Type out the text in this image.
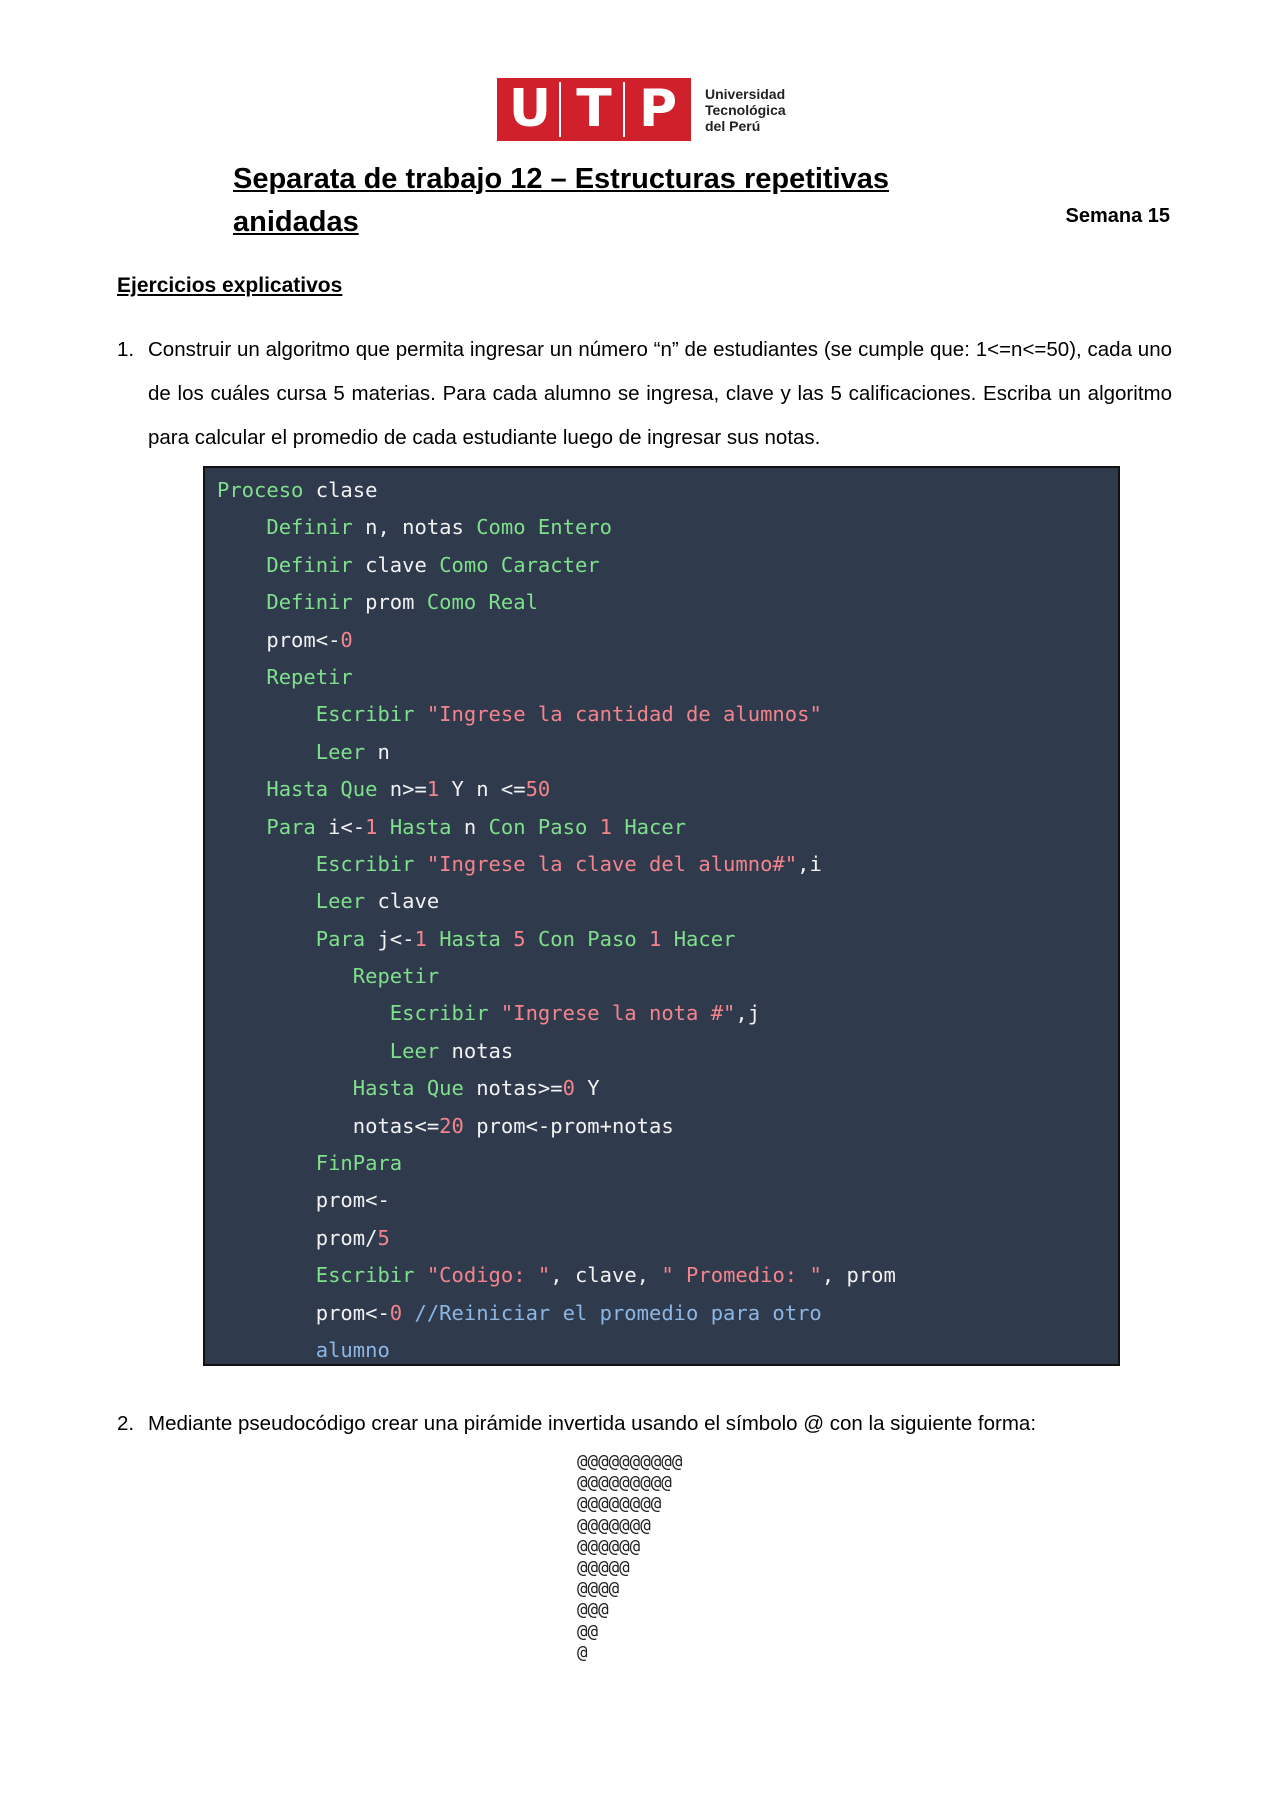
U T P	Universidad
Tecnológica
del Perú
Separata de trabajo 12 – Estructuras repetitivas
anidadas	Semana 15
Ejercicios explicativos
1. Construir un algoritmo que permita ingresar un número “n” de estudiantes (se cumple que: 1<=n<=50), cada uno de los cuáles cursa 5 materias. Para cada alumno se ingresa, clave y las 5 calificaciones. Escriba un algoritmo para calcular el promedio de cada estudiante luego de ingresar sus notas.
Proceso clase
Definir n, notas Como Entero
Definir clave Como Caracter
Definir prom Como Real
prom<-0
Repetir
Escribir "Ingrese la cantidad de alumnos"
Leer n
Hasta Que n>=1 Y n <=50
Para i<-1 Hasta n Con Paso 1 Hacer
Escribir "Ingrese la clave del alumno#",i
Leer clave
Para j<-1 Hasta 5 Con Paso 1 Hacer
Repetir
Escribir "Ingrese la nota #",j
Leer notas
Hasta Que notas>=0 Y
notas<=20 prom<-prom+notas
FinPara
prom<-
prom/5
Escribir "Codigo: ", clave, " Promedio: ", prom
prom<-0 //Reiniciar el promedio para otro
alumno
2. Mediante pseudocódigo crear una pirámide invertida usando el símbolo @ con la siguiente forma:
@@@@@@@@@@
@@@@@@@@@
@@@@@@@@
@@@@@@@
@@@@@@
@@@@@
@@@@
@@@
@@
@
